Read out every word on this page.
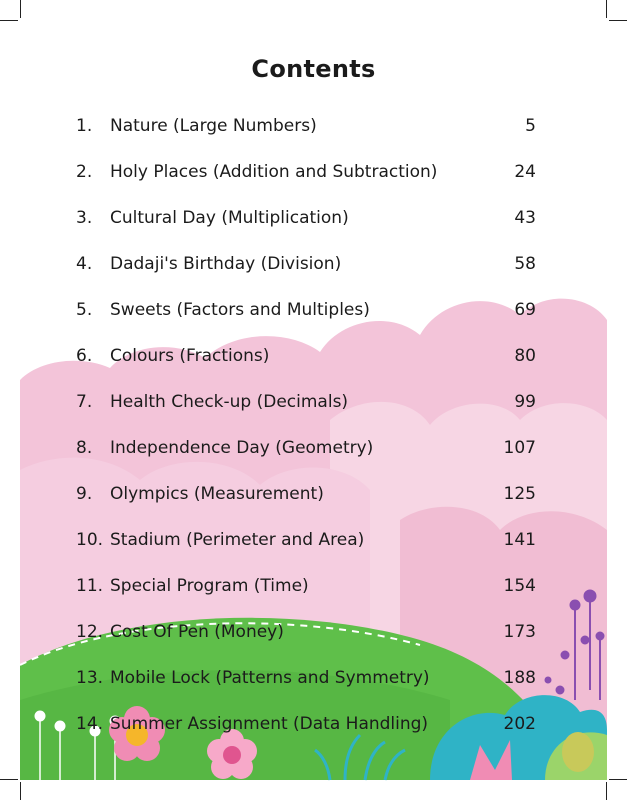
Contents
1. Nature (Large Numbers)	5
2. Holy Places (Addition and Subtraction)	24
3. Cultural Day (Multiplication)	43
4. Dadaji's Birthday (Division)	58
5. Sweets (Factors and Multiples)	69
6. Colours (Fractions)	80
7. Health Check-up (Decimals)	99
8. Independence Day (Geometry)	107
9. Olympics (Measurement)	125
10. Stadium (Perimeter and Area)	141
11. Special Program (Time)	154
12. Cost Of Pen (Money)	173
13. Mobile Lock (Patterns and Symmetry)	188
14. Summer Assignment (Data Handling)	202
